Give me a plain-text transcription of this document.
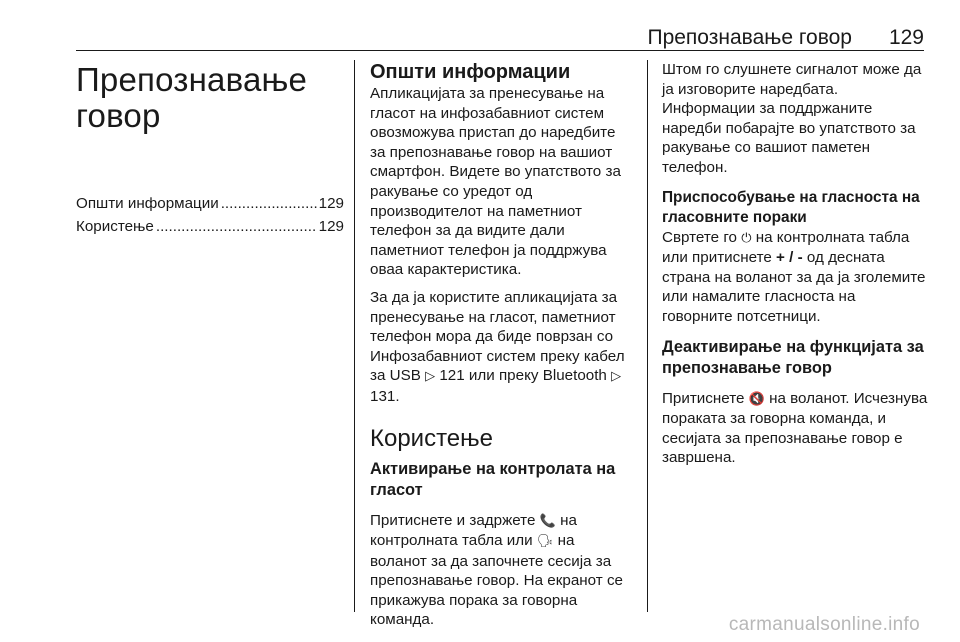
Препознавање говор 129
Препознавање говор
Општи информации .....	129
Користење .....	129
Општи информации

Апликацијата за пренесување на гласот на инфозабавниот систем овозможува пристап до наредбите за препознавање говор на вашиот смартфон. Видете во упатството за ракување со уредот од производителот на паметниот телефон за да видите дали паметниот телефон ја поддржува оваа карактеристика.

За да ја користите апликацијата за пренесување на гласот, паметниот телефон мора да биде поврзан со Инфозабавниот систем преку кабел за USB ▷ 121 или преку Bluetooth ▷ 131.

Користење
Активирање на контролата на гласот

Притиснете и задржете 📞 на контролната табла или 🗣 на воланот за да започнете сесија за препознавање говор. На екранот се прикажува порака за говорна команда.

Штом го слушнете сигналот може да ја изговорите наредбата. Информации за поддржаните наредби побарајте во упатството за ракување со вашиот паметен телефон.

Приспособување на гласноста на гласовните пораки

Свртете го ⏻ на контролната табла или притиснете + / - од десната страна на воланот за да ја зголемите или намалите гласноста на говорните потсетници.

Деактивирање на функцијата за препознавање говор

Притиснете 🔇 на воланот. Исчезнува пораката за говорна команда, и сесијата за препознавање говор е завршена.

carmanualsonline.info
